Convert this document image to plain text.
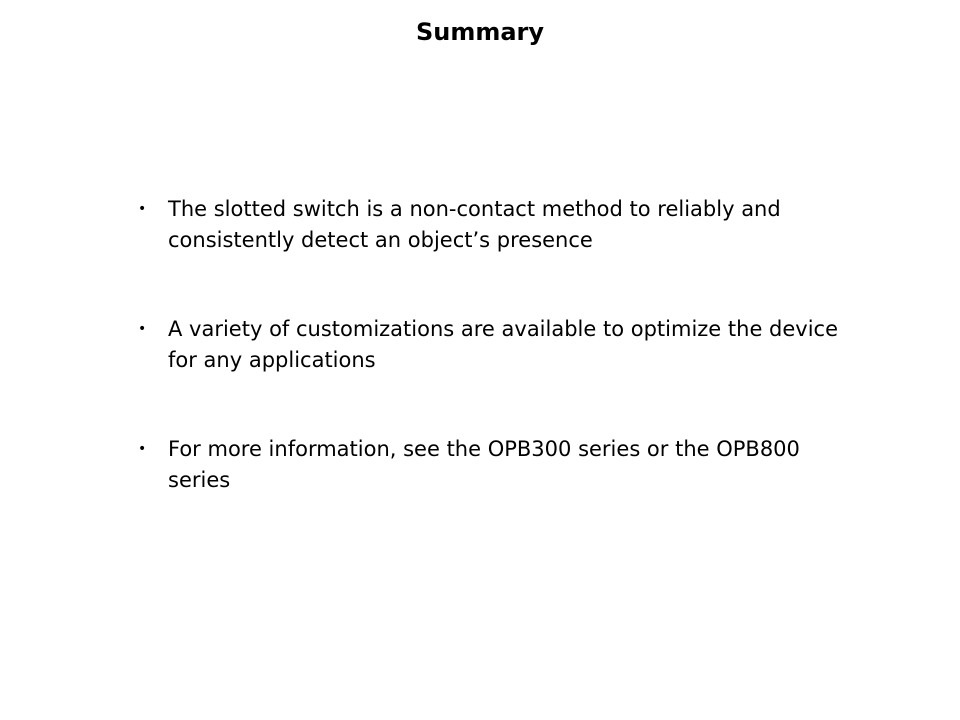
Summary
• The slotted switch is a non-contact method to reliably and consistently detect an object’s presence
• A variety of customizations are available to optimize the device for any applications
• For more information, see the OPB300 series or the OPB800 series
